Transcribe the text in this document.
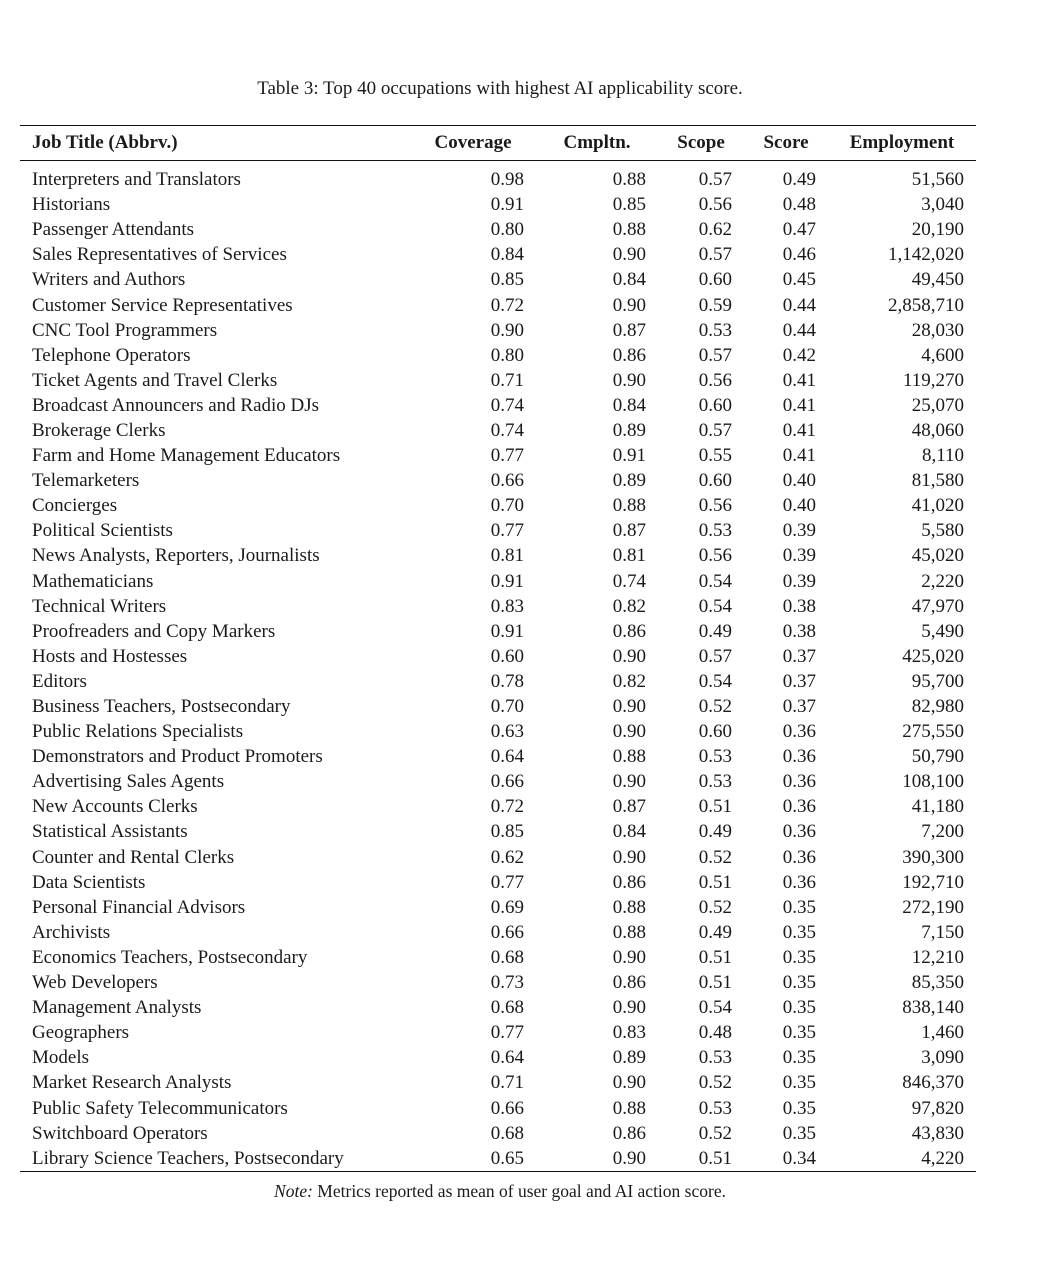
Table 3: Top 40 occupations with highest AI applicability score.
Job Title (Abbrv.)	Coverage	Cmpltn.	Scope	Score	Employment

Interpreters and Translators	0.98	0.88	0.57	0.49	51,560
Historians	0.91	0.85	0.56	0.48	3,040
Passenger Attendants	0.80	0.88	0.62	0.47	20,190
Sales Representatives of Services	0.84	0.90	0.57	0.46	1,142,020
Writers and Authors	0.85	0.84	0.60	0.45	49,450
Customer Service Representatives	0.72	0.90	0.59	0.44	2,858,710
CNC Tool Programmers	0.90	0.87	0.53	0.44	28,030
Telephone Operators	0.80	0.86	0.57	0.42	4,600
Ticket Agents and Travel Clerks	0.71	0.90	0.56	0.41	119,270
Broadcast Announcers and Radio DJs	0.74	0.84	0.60	0.41	25,070
Brokerage Clerks	0.74	0.89	0.57	0.41	48,060
Farm and Home Management Educators	0.77	0.91	0.55	0.41	8,110
Telemarketers	0.66	0.89	0.60	0.40	81,580
Concierges	0.70	0.88	0.56	0.40	41,020
Political Scientists	0.77	0.87	0.53	0.39	5,580
News Analysts, Reporters, Journalists	0.81	0.81	0.56	0.39	45,020
Mathematicians	0.91	0.74	0.54	0.39	2,220
Technical Writers	0.83	0.82	0.54	0.38	47,970
Proofreaders and Copy Markers	0.91	0.86	0.49	0.38	5,490
Hosts and Hostesses	0.60	0.90	0.57	0.37	425,020
Editors	0.78	0.82	0.54	0.37	95,700
Business Teachers, Postsecondary	0.70	0.90	0.52	0.37	82,980
Public Relations Specialists	0.63	0.90	0.60	0.36	275,550
Demonstrators and Product Promoters	0.64	0.88	0.53	0.36	50,790
Advertising Sales Agents	0.66	0.90	0.53	0.36	108,100
New Accounts Clerks	0.72	0.87	0.51	0.36	41,180
Statistical Assistants	0.85	0.84	0.49	0.36	7,200
Counter and Rental Clerks	0.62	0.90	0.52	0.36	390,300
Data Scientists	0.77	0.86	0.51	0.36	192,710
Personal Financial Advisors	0.69	0.88	0.52	0.35	272,190
Archivists	0.66	0.88	0.49	0.35	7,150
Economics Teachers, Postsecondary	0.68	0.90	0.51	0.35	12,210
Web Developers	0.73	0.86	0.51	0.35	85,350
Management Analysts	0.68	0.90	0.54	0.35	838,140
Geographers	0.77	0.83	0.48	0.35	1,460
Models	0.64	0.89	0.53	0.35	3,090
Market Research Analysts	0.71	0.90	0.52	0.35	846,370
Public Safety Telecommunicators	0.66	0.88	0.53	0.35	97,820
Switchboard Operators	0.68	0.86	0.52	0.35	43,830
Library Science Teachers, Postsecondary	0.65	0.90	0.51	0.34	4,220
Note: Metrics reported as mean of user goal and AI action score.
